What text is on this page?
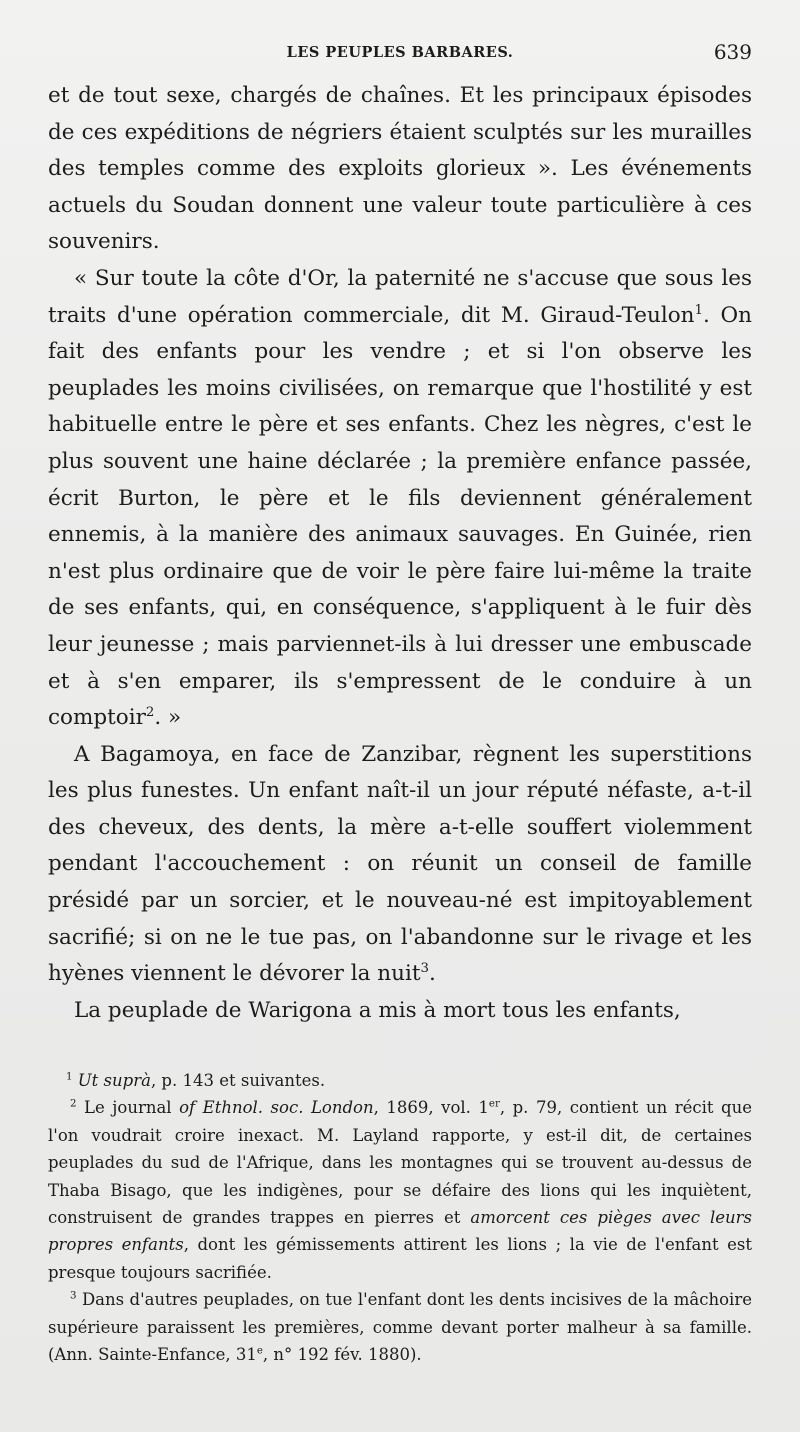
LES PEUPLES BARBARES.	639

et de tout sexe, chargés de chaînes. Et les principaux épisodes de ces expéditions de négriers étaient sculptés sur les murailles des temples comme des exploits glorieux ». Les événements actuels du Soudan donnent une valeur toute particulière à ces souvenirs.

« Sur toute la côte d'Or, la paternité ne s'accuse que sous les traits d'une opération commerciale, dit M. Giraud-Teulon$^1$. On fait des enfants pour les vendre ; et si l'on observe les peuplades les moins civilisées, on remarque que l'hostilité y est habituelle entre le père et ses enfants. Chez les nègres, c'est le plus souvent une haine déclarée ; la première enfance passée, écrit Burton, le père et le fils deviennent généralement ennemis, à la manière des animaux sauvages. En Guinée, rien n'est plus ordinaire que de voir le père faire lui-même la traite de ses enfants, qui, en conséquence, s'appliquent à le fuir dès leur jeunesse ; mais parviennet-ils à lui dresser une embuscade et à s'en emparer, ils s'empressent de le conduire à un comptoir$^2$. »

A Bagamoya, en face de Zanzibar, règnent les superstitions les plus funestes. Un enfant naît-il un jour réputé néfaste, a-t-il des cheveux, des dents, la mère a-t-elle souffert violemment pendant l'accouchement : on réunit un conseil de famille présidé par un sorcier, et le nouveau-né est impitoyablement sacrifié; si on ne le tue pas, on l'abandonne sur le rivage et les hyènes viennent le dévorer la nuit$^3$.

La peuplade de Warigona a mis à mort tous les enfants,

$^1$ Ut suprà, p. 143 et suivantes.

$^2$ Le journal of Ethnol. soc. London, 1869, vol. 1er, p. 79, contient un récit que l'on voudrait croire inexact. M. Layland rapporte, y est-il dit, de certaines peuplades du sud de l'Afrique, dans les montagnes qui se trouvent au-dessus de Thaba Bisago, que les indigènes, pour se défaire des lions qui les inquiètent, construisent de grandes trappes en pierres et amorcent ces pièges avec leurs propres enfants, dont les gémissements attirent les lions ; la vie de l'enfant est presque toujours sacrifiée.

$^3$ Dans d'autres peuplades, on tue l'enfant dont les dents incisives de la mâchoire supérieure paraissent les premières, comme devant porter malheur à sa famille.(Ann. Sainte-Enfance, 31e, n° 192 fév. 1880).
